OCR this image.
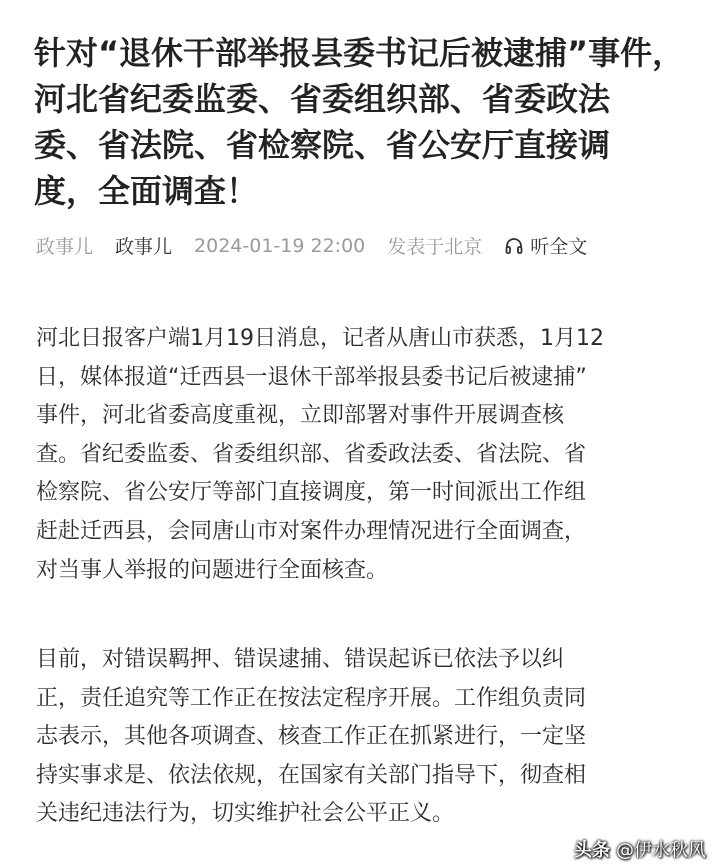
针对“退休干部举报县委书记后被逮捕”事件，
河北省纪委监委、省委组织部、省委政法
委、省法院、省检察院、省公安厅直接调
度，全面调查！
政事儿 政事儿 2024-01-19 22:00 发表于北京	听全文

河北日报客户端1月19日消息，记者从唐山市获悉，1月12
日，媒体报道“迁西县一退休干部举报县委书记后被逮捕”
事件，河北省委高度重视，立即部署对事件开展调查核
查。省纪委监委、省委组织部、省委政法委、省法院、省
检察院、省公安厅等部门直接调度，第一时间派出工作组
赶赴迁西县，会同唐山市对案件办理情况进行全面调查，
对当事人举报的问题进行全面核查。

目前，对错误羁押、错误逮捕、错误起诉已依法予以纠
正，责任追究等工作正在按法定程序开展。工作组负责同
志表示，其他各项调查、核查工作正在抓紧进行，一定坚
持实事求是、依法依规，在国家有关部门指导下，彻查相
关违纪违法行为，切实维护社会公平正义。

头条 @伊水秋风
